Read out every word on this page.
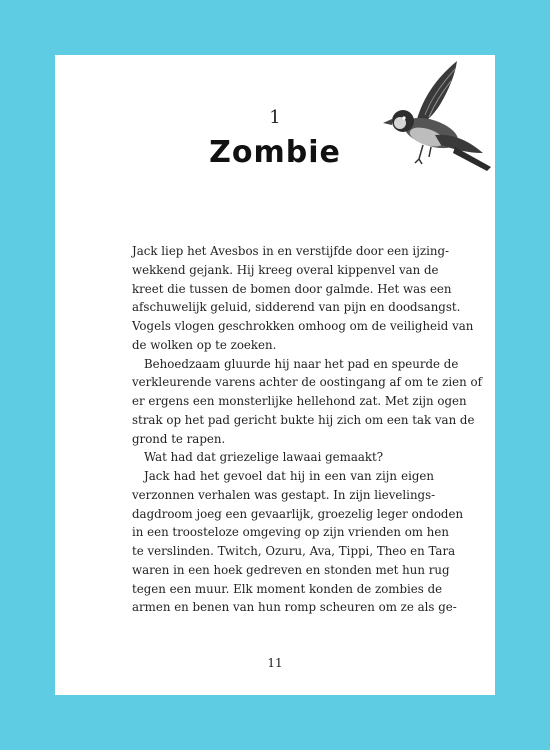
1
Zombie
Jack liep het Avesbos in en verstijfde door een ijzing-
wekkend gejank. Hij kreeg overal kippenvel van de
kreet die tussen de bomen door galmde. Het was een
afschuwelijk geluid, sidderend van pijn en doodsangst.
Vogels vlogen geschrokken omhoog om de veiligheid van
de wolken op te zoeken.
Behoedzaam gluurde hij naar het pad en speurde de
verkleurende varens achter de oostingang af om te zien of
er ergens een monsterlijke hellehond zat. Met zijn ogen
strak op het pad gericht bukte hij zich om een tak van de
grond te rapen.
Wat had dat griezelige lawaai gemaakt?
Jack had het gevoel dat hij in een van zijn eigen
verzonnen verhalen was gestapt. In zijn lievelings-
dagdroom joeg een gevaarlijk, groezelig leger ondoden
in een troosteloze omgeving op zijn vrienden om hen
te verslinden. Twitch, Ozuru, Ava, Tippi, Theo en Tara
waren in een hoek gedreven en stonden met hun rug
tegen een muur. Elk moment konden de zombies de
armen en benen van hun romp scheuren om ze als ge-
11
